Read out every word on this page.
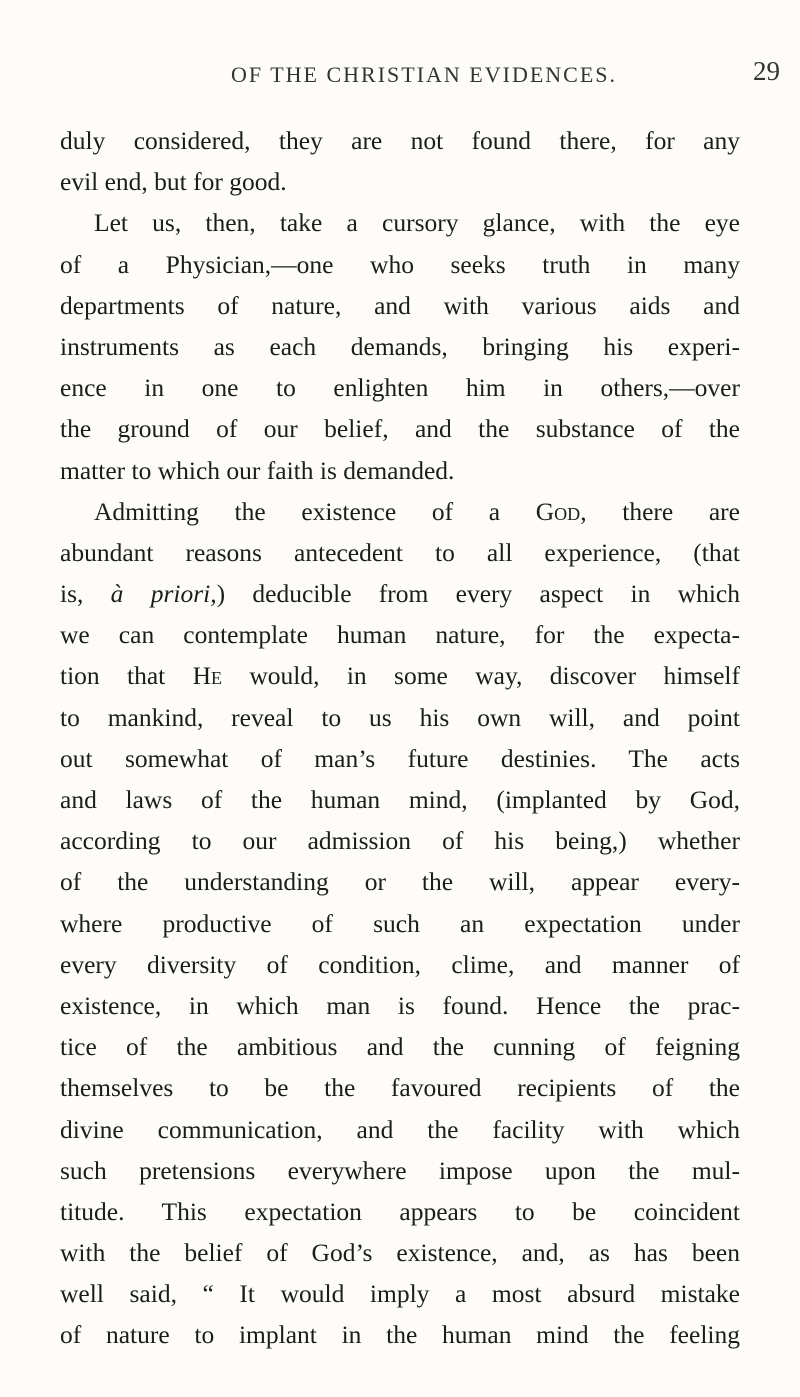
OF THE CHRISTIAN EVIDENCES.	29
duly considered, they are not found there, for any
evil end, but for good.
Let us, then, take a cursory glance, with the eye
of a Physician,—one who seeks truth in many
departments of nature, and with various aids and
instruments as each demands, bringing his experi-
ence in one to enlighten him in others,—over
the ground of our belief, and the substance of the
matter to which our faith is demanded.
Admitting the existence of a God, there are
abundant reasons antecedent to all experience, (that
is, à priori,) deducible from every aspect in which
we can contemplate human nature, for the expecta-
tion that He would, in some way, discover himself
to mankind, reveal to us his own will, and point
out somewhat of man’s future destinies. The acts
and laws of the human mind, (implanted by God,
according to our admission of his being,) whether
of the understanding or the will, appear every-
where productive of such an expectation under
every diversity of condition, clime, and manner of
existence, in which man is found. Hence the prac-
tice of the ambitious and the cunning of feigning
themselves to be the favoured recipients of the
divine communication, and the facility with which
such pretensions everywhere impose upon the mul-
titude. This expectation appears to be coincident
with the belief of God’s existence, and, as has been
well said, “ It would imply a most absurd mistake
of nature to implant in the human mind the feeling
